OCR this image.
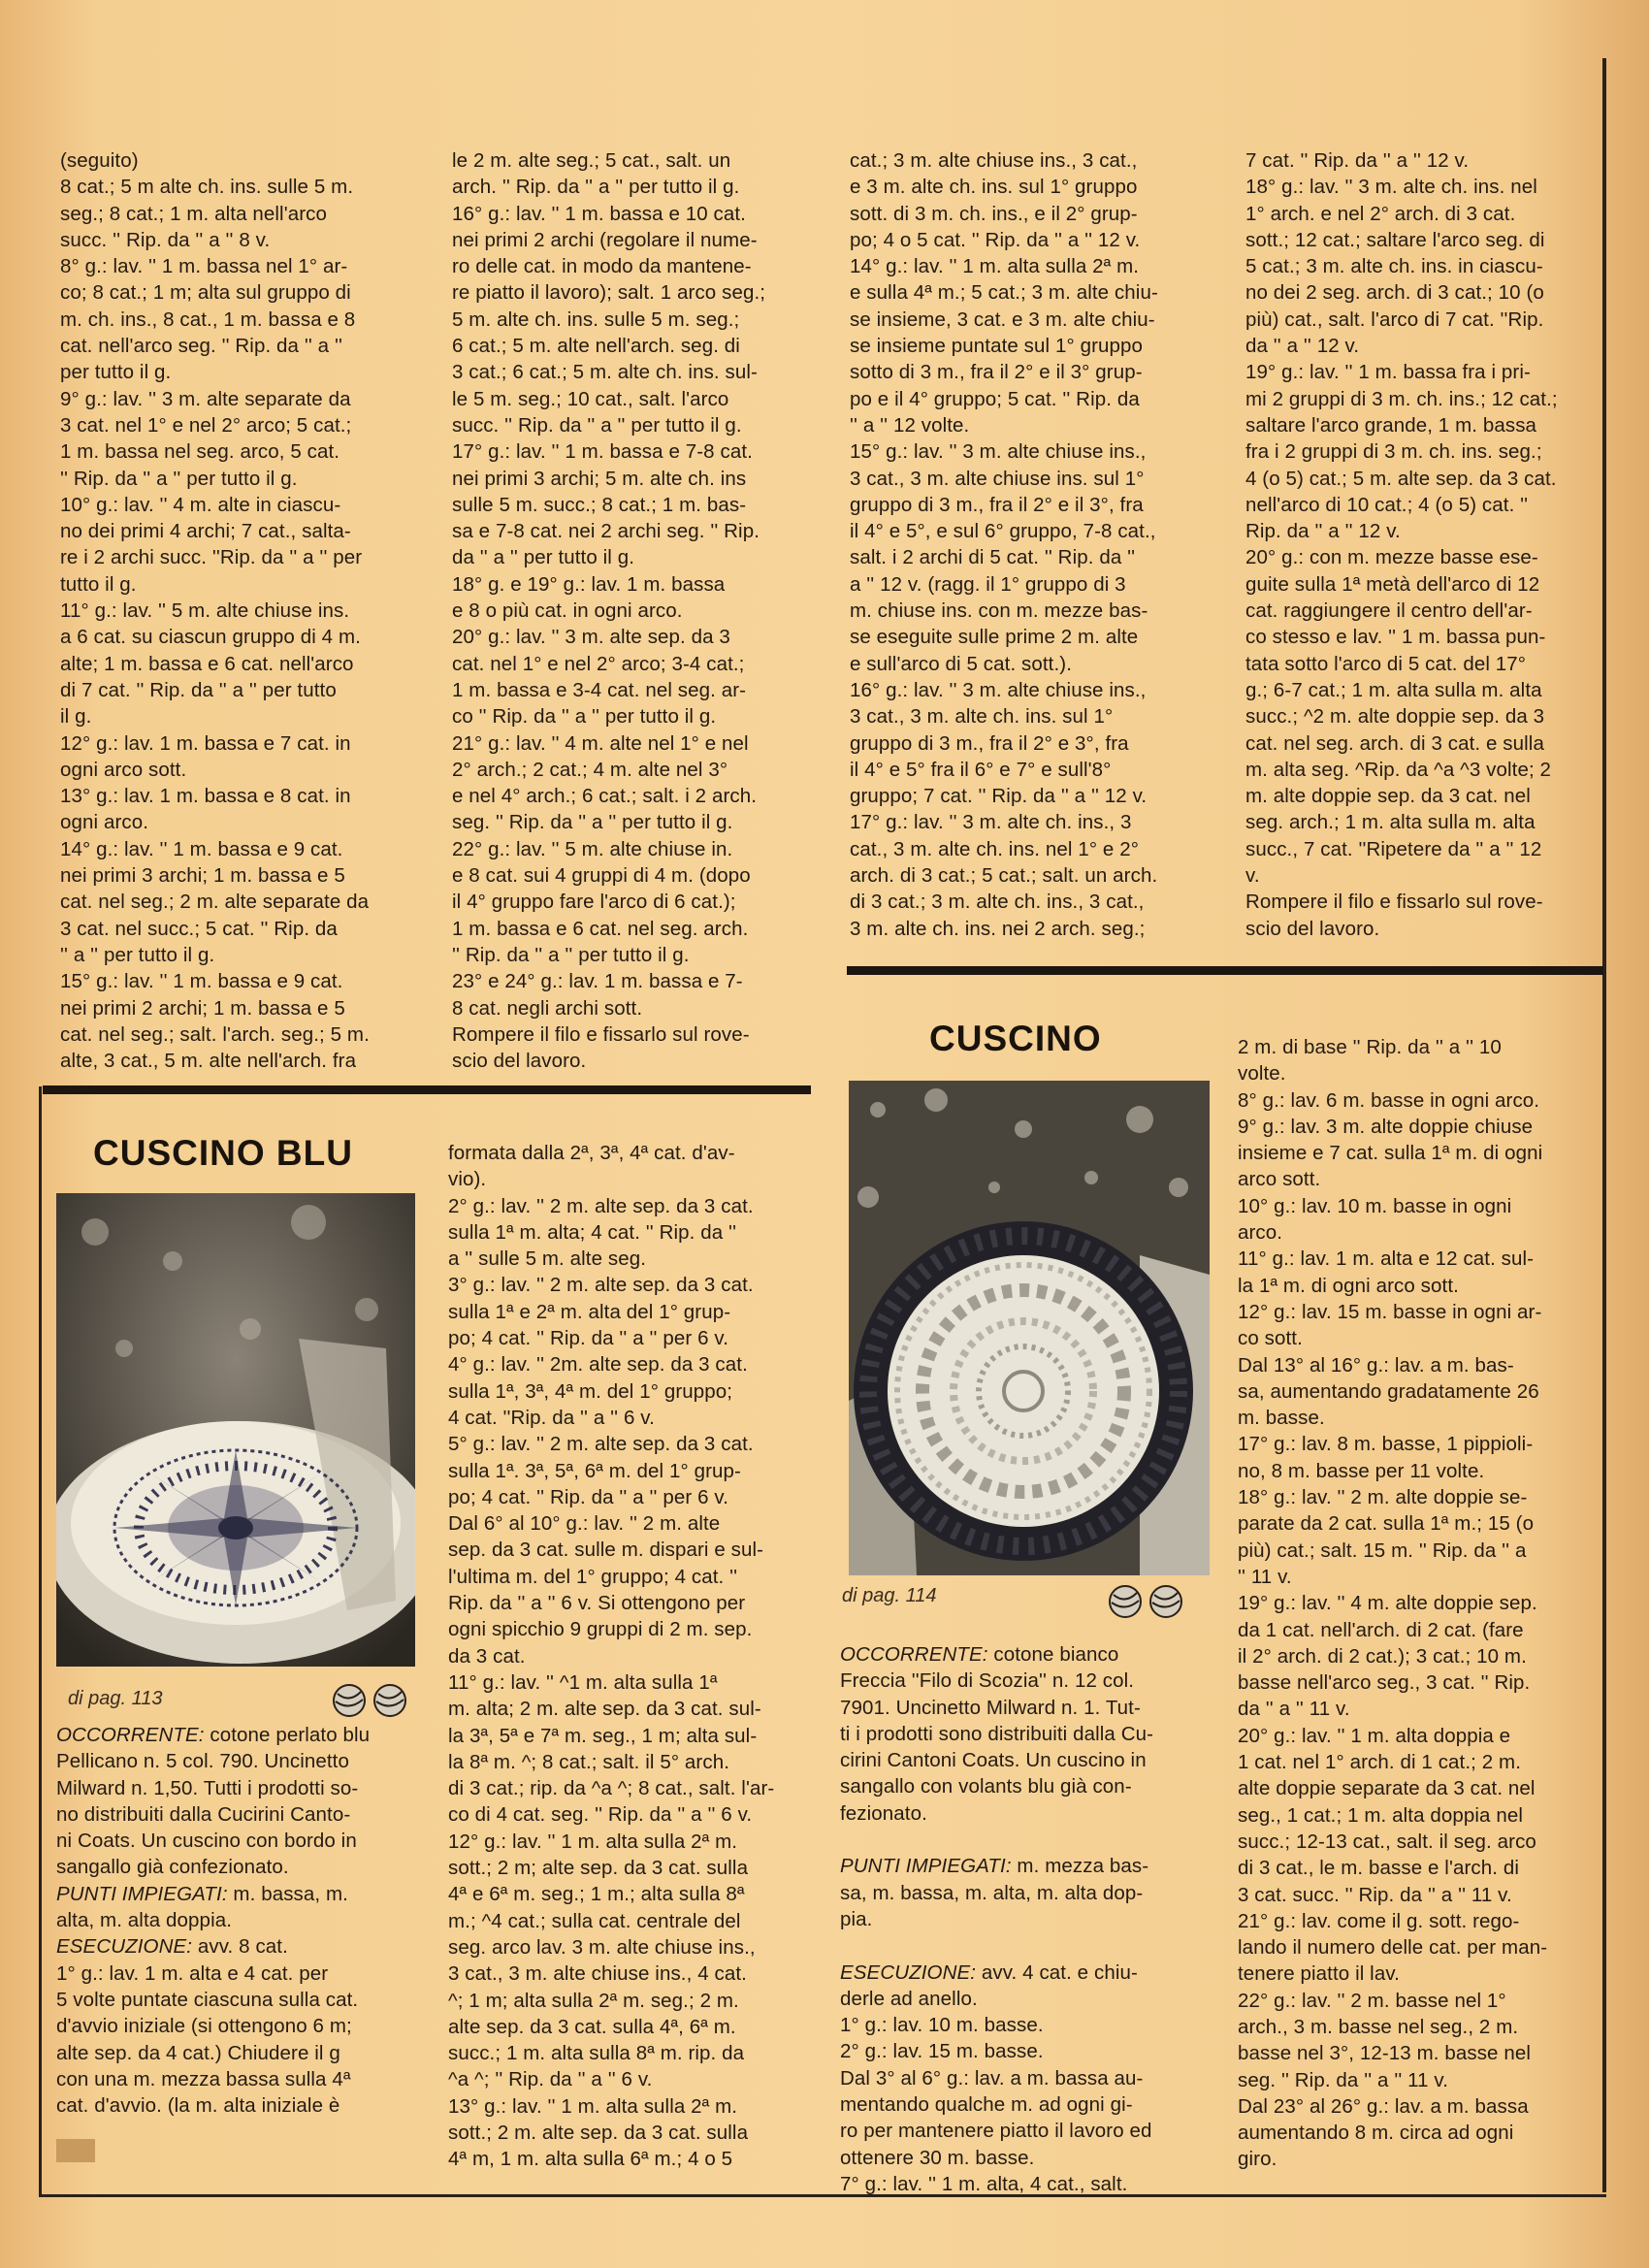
(seguito)

8 cat.; 5 m alte ch. ins. sulle 5 m.

seg.; 8 cat.; 1 m. alta nell'arco

succ. '' Rip. da '' a '' 8 v.

8° g.: lav. '' 1 m. bassa nel 1° ar-

co; 8 cat.; 1 m; alta sul gruppo di

m. ch. ins., 8 cat., 1 m. bassa e 8

cat. nell'arco seg. '' Rip. da '' a ''

per tutto il g.

9° g.: lav. '' 3 m. alte separate da

3 cat. nel 1° e nel 2° arco; 5 cat.;

1 m. bassa nel seg. arco, 5 cat.

'' Rip. da '' a '' per tutto il g.

10° g.: lav. '' 4 m. alte in ciascu-

no dei primi 4 archi; 7 cat., salta-

re i 2 archi succ. ''Rip. da '' a '' per

tutto il g.

11° g.: lav. '' 5 m. alte chiuse ins.

a 6 cat. su ciascun gruppo di 4 m.

alte; 1 m. bassa e 6 cat. nell'arco

di 7 cat. '' Rip. da '' a '' per tutto

il g.

12° g.: lav. 1 m. bassa e 7 cat. in

ogni arco sott.

13° g.: lav. 1 m. bassa e 8 cat. in

ogni arco.

14° g.: lav. '' 1 m. bassa e 9 cat.

nei primi 3 archi; 1 m. bassa e 5

cat. nel seg.; 2 m. alte separate da

3 cat. nel succ.; 5 cat. '' Rip. da

'' a '' per tutto il g.

15° g.: lav. '' 1 m. bassa e 9 cat.

nei primi 2 archi; 1 m. bassa e 5

cat. nel seg.; salt. l'arch. seg.; 5 m.

alte, 3 cat., 5 m. alte nell'arch. fra

le 2 m. alte seg.; 5 cat., salt. un

arch. '' Rip. da '' a '' per tutto il g.

16° g.: lav. '' 1 m. bassa e 10 cat.

nei primi 2 archi (regolare il nume-

ro delle cat. in modo da mantene-

re piatto il lavoro); salt. 1 arco seg.;

5 m. alte ch. ins. sulle 5 m. seg.;

6 cat.; 5 m. alte nell'arch. seg. di

3 cat.; 6 cat.; 5 m. alte ch. ins. sul-

le 5 m. seg.; 10 cat., salt. l'arco

succ. '' Rip. da '' a '' per tutto il g.

17° g.: lav. '' 1 m. bassa e 7-8 cat.

nei primi 3 archi; 5 m. alte ch. ins

sulle 5 m. succ.; 8 cat.; 1 m. bas-

sa e 7-8 cat. nei 2 archi seg. '' Rip.

da '' a '' per tutto il g.

18° g. e 19° g.: lav. 1 m. bassa

e 8 o più cat. in ogni arco.

20° g.: lav. '' 3 m. alte sep. da 3

cat. nel 1° e nel 2° arco; 3-4 cat.;

1 m. bassa e 3-4 cat. nel seg. ar-

co '' Rip. da '' a '' per tutto il g.

21° g.: lav. '' 4 m. alte nel 1° e nel

2° arch.; 2 cat.; 4 m. alte nel 3°

e nel 4° arch.; 6 cat.; salt. i 2 arch.

seg. '' Rip. da '' a '' per tutto il g.

22° g.: lav. '' 5 m. alte chiuse in.

e 8 cat. sui 4 gruppi di 4 m. (dopo

il 4° gruppo fare l'arco di 6 cat.);

1 m. bassa e 6 cat. nel seg. arch.

'' Rip. da '' a '' per tutto il g.

23° e 24° g.: lav. 1 m. bassa e 7-

8 cat. negli archi sott.

Rompere il filo e fissarlo sul rove-

scio del lavoro.

cat.; 3 m. alte chiuse ins., 3 cat.,

e 3 m. alte ch. ins. sul 1° gruppo

sott. di 3 m. ch. ins., e il 2° grup-

po; 4 o 5 cat. '' Rip. da '' a '' 12 v.

14° g.: lav. '' 1 m. alta sulla 2ª m.

e sulla 4ª m.; 5 cat.; 3 m. alte chiu-

se insieme, 3 cat. e 3 m. alte chiu-

se insieme puntate sul 1° gruppo

sotto di 3 m., fra il 2° e il 3° grup-

po e il 4° gruppo; 5 cat. '' Rip. da

'' a '' 12 volte.

15° g.: lav. '' 3 m. alte chiuse ins.,

3 cat., 3 m. alte chiuse ins. sul 1°

gruppo di 3 m., fra il 2° e il 3°, fra

il 4° e 5°, e sul 6° gruppo, 7-8 cat.,

salt. i 2 archi di 5 cat. '' Rip. da ''

a '' 12 v. (ragg. il 1° gruppo di 3

m. chiuse ins. con m. mezze bas-

se eseguite sulle prime 2 m. alte

e sull'arco di 5 cat. sott.).

16° g.: lav. '' 3 m. alte chiuse ins.,

3 cat., 3 m. alte ch. ins. sul 1°

gruppo di 3 m., fra il 2° e 3°, fra

il 4° e 5° fra il 6° e 7° e sull'8°

gruppo; 7 cat. '' Rip. da '' a '' 12 v.

17° g.: lav. '' 3 m. alte ch. ins., 3

cat., 3 m. alte ch. ins. nel 1° e 2°

arch. di 3 cat.; 5 cat.; salt. un arch.

di 3 cat.; 3 m. alte ch. ins., 3 cat.,

3 m. alte ch. ins. nei 2 arch. seg.;

7 cat. '' Rip. da '' a '' 12 v.

18° g.: lav. '' 3 m. alte ch. ins. nel

1° arch. e nel 2° arch. di 3 cat.

sott.; 12 cat.; saltare l'arco seg. di

5 cat.; 3 m. alte ch. ins. in ciascu-

no dei 2 seg. arch. di 3 cat.; 10 (o

più) cat., salt. l'arco di 7 cat. ''Rip.

da '' a '' 12 v.

19° g.: lav. '' 1 m. bassa fra i pri-

mi 2 gruppi di 3 m. ch. ins.; 12 cat.;

saltare l'arco grande, 1 m. bassa

fra i 2 gruppi di 3 m. ch. ins. seg.;

4 (o 5) cat.; 5 m. alte sep. da 3 cat.

nell'arco di 10 cat.; 4 (o 5) cat. ''

Rip. da '' a '' 12 v.

20° g.: con m. mezze basse ese-

guite sulla 1ª metà dell'arco di 12

cat. raggiungere il centro dell'ar-

co stesso e lav. '' 1 m. bassa pun-

tata sotto l'arco di 5 cat. del 17°

g.; 6-7 cat.; 1 m. alta sulla m. alta

succ.; ^2 m. alte doppie sep. da 3

cat. nel seg. arch. di 3 cat. e sulla

m. alta seg. ^Rip. da ^a ^3 volte; 2

m. alte doppie sep. da 3 cat. nel

seg. arch.; 1 m. alta sulla m. alta

succ., 7 cat. ''Ripetere da '' a '' 12

v.

Rompere il filo e fissarlo sul rove-

scio del lavoro.

CUSCINO BLU
di pag. 113

OCCORRENTE: cotone perlato blu

Pellicano n. 5 col. 790. Uncinetto

Milward n. 1,50. Tutti i prodotti so-

no distribuiti dalla Cucirini Canto-

ni Coats. Un cuscino con bordo in

sangallo già confezionato.

PUNTI IMPIEGATI: m. bassa, m.

alta, m. alta doppia.

ESECUZIONE: avv. 8 cat.

1° g.: lav. 1 m. alta e 4 cat. per

5 volte puntate ciascuna sulla cat.

d'avvio iniziale (si ottengono 6 m;

alte sep. da 4 cat.) Chiudere il g

con una m. mezza bassa sulla 4ª

cat. d'avvio. (la m. alta iniziale è

formata dalla 2ª, 3ª, 4ª cat. d'av-

vio).

2° g.: lav. '' 2 m. alte sep. da 3 cat.

sulla 1ª m. alta; 4 cat. '' Rip. da ''

a '' sulle 5 m. alte seg.

3° g.: lav. '' 2 m. alte sep. da 3 cat.

sulla 1ª e 2ª m. alta del 1° grup-

po; 4 cat. '' Rip. da '' a '' per 6 v.

4° g.: lav. '' 2m. alte sep. da 3 cat.

sulla 1ª, 3ª, 4ª m. del 1° gruppo;

4 cat. ''Rip. da '' a '' 6 v.

5° g.: lav. '' 2 m. alte sep. da 3 cat.

sulla 1ª. 3ª, 5ª, 6ª m. del 1° grup-

po; 4 cat. '' Rip. da '' a '' per 6 v.

Dal 6° al 10° g.: lav. '' 2 m. alte

sep. da 3 cat. sulle m. dispari e sul-

l'ultima m. del 1° gruppo; 4 cat. ''

Rip. da '' a '' 6 v. Si ottengono per

ogni spicchio 9 gruppi di 2 m. sep.

da 3 cat.

11° g.: lav. '' ^1 m. alta sulla 1ª

m. alta; 2 m. alte sep. da 3 cat. sul-

la 3ª, 5ª e 7ª m. seg., 1 m; alta sul-

la 8ª m. ^; 8 cat.; salt. il 5° arch.

di 3 cat.; rip. da ^a ^; 8 cat., salt. l'ar-

co di 4 cat. seg. '' Rip. da '' a '' 6 v.

12° g.: lav. '' 1 m. alta sulla 2ª m.

sott.; 2 m; alte sep. da 3 cat. sulla

4ª e 6ª m. seg.; 1 m.; alta sulla 8ª

m.; ^4 cat.; sulla cat. centrale del

seg. arco lav. 3 m. alte chiuse ins.,

3 cat., 3 m. alte chiuse ins., 4 cat.

^; 1 m; alta sulla 2ª m. seg.; 2 m.

alte sep. da 3 cat. sulla 4ª, 6ª m.

succ.; 1 m. alta sulla 8ª m. rip. da

^a ^; '' Rip. da '' a '' 6 v.

13° g.: lav. '' 1 m. alta sulla 2ª m.

sott.; 2 m. alte sep. da 3 cat. sulla

4ª m, 1 m. alta sulla 6ª m.; 4 o 5

CUSCINO
di pag. 114

OCCORRENTE: cotone bianco

Freccia ''Filo di Scozia'' n. 12 col.

7901. Uncinetto Milward n. 1. Tut-

ti i prodotti sono distribuiti dalla Cu-

cirini Cantoni Coats. Un cuscino in

sangallo con volants blu già con-

fezionato.

PUNTI IMPIEGATI: m. mezza bas-

sa, m. bassa, m. alta, m. alta dop-

pia.

ESECUZIONE: avv. 4 cat. e chiu-

derle ad anello.

1° g.: lav. 10 m. basse.

2° g.: lav. 15 m. basse.

Dal 3° al 6° g.: lav. a m. bassa au-

mentando qualche m. ad ogni gi-

ro per mantenere piatto il lavoro ed

ottenere 30 m. basse.

7° g.: lav. '' 1 m. alta, 4 cat., salt.

2 m. di base '' Rip. da '' a '' 10

volte.

8° g.: lav. 6 m. basse in ogni arco.

9° g.: lav. 3 m. alte doppie chiuse

insieme e 7 cat. sulla 1ª m. di ogni

arco sott.

10° g.: lav. 10 m. basse in ogni

arco.

11° g.: lav. 1 m. alta e 12 cat. sul-

la 1ª m. di ogni arco sott.

12° g.: lav. 15 m. basse in ogni ar-

co sott.

Dal 13° al 16° g.: lav. a m. bas-

sa, aumentando gradatamente 26

m. basse.

17° g.: lav. 8 m. basse, 1 pippioli-

no, 8 m. basse per 11 volte.

18° g.: lav. '' 2 m. alte doppie se-

parate da 2 cat. sulla 1ª m.; 15 (o

più) cat.; salt. 15 m. '' Rip. da '' a

'' 11 v.

19° g.: lav. '' 4 m. alte doppie sep.

da 1 cat. nell'arch. di 2 cat. (fare

il 2° arch. di 2 cat.); 3 cat.; 10 m.

basse nell'arco seg., 3 cat. '' Rip.

da '' a '' 11 v.

20° g.: lav. '' 1 m. alta doppia e

1 cat. nel 1° arch. di 1 cat.; 2 m.

alte doppie separate da 3 cat. nel

seg., 1 cat.; 1 m. alta doppia nel

succ.; 12-13 cat., salt. il seg. arco

di 3 cat., le m. basse e l'arch. di

3 cat. succ. '' Rip. da '' a '' 11 v.

21° g.: lav. come il g. sott. rego-

lando il numero delle cat. per man-

tenere piatto il lav.

22° g.: lav. '' 2 m. basse nel 1°

arch., 3 m. basse nel seg., 2 m.

basse nel 3°, 12-13 m. basse nel

seg. '' Rip. da '' a '' 11 v.

Dal 23° al 26° g.: lav. a m. bassa

aumentando 8 m. circa ad ogni

giro.
